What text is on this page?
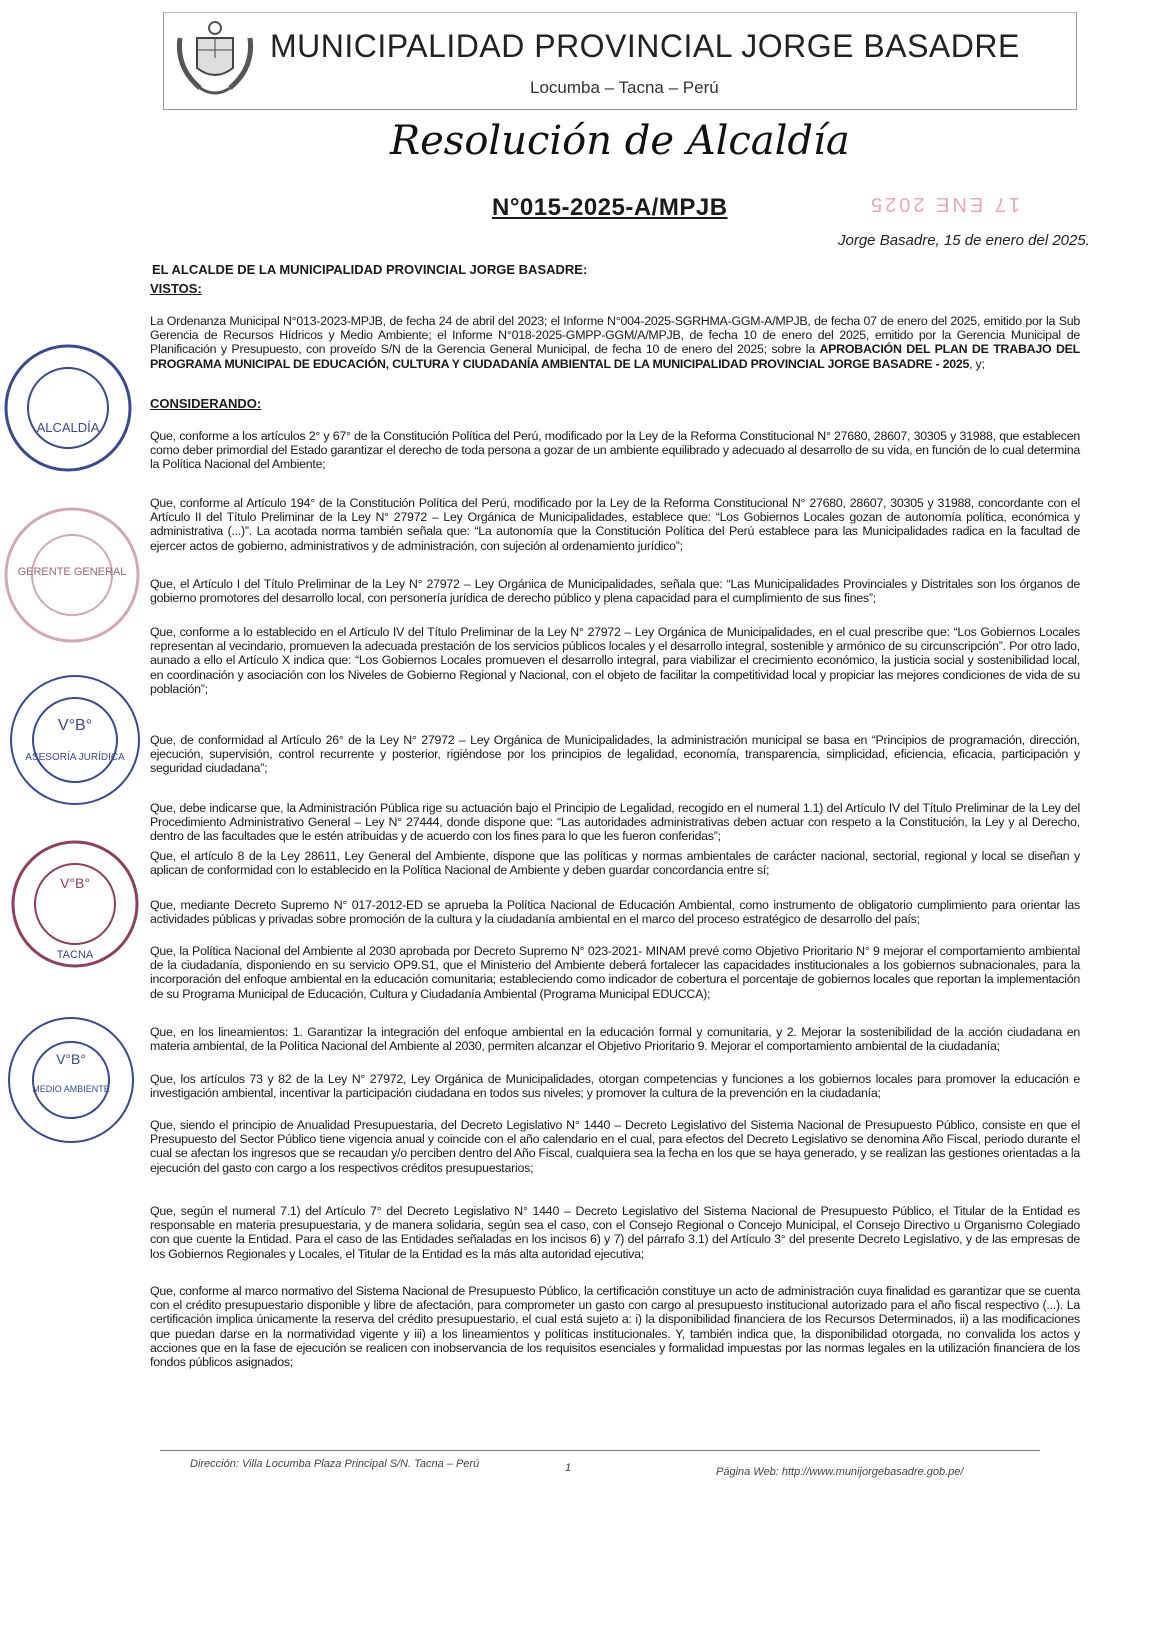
MUNICIPALIDAD PROVINCIAL JORGE BASADRE
Locumba – Tacna – Perú
Resolución de Alcaldía
N°015-2025-A/MPJB	17 ENE 2025
Jorge Basadre, 15 de enero del 2025.
EL ALCALDE DE LA MUNICIPALIDAD PROVINCIAL JORGE BASADRE:
VISTOS:
La Ordenanza Municipal N°013-2023-MPJB, de fecha 24 de abril del 2023; el Informe N°004-2025-SGRHMA-GGM-A/MPJB, de fecha 07 de enero del 2025, emitido por la Sub Gerencia de Recursos Hídricos y Medio Ambiente; el Informe N°018-2025-GMPP-GGM/A/MPJB, de fecha 10 de enero del 2025, emitido por la Gerencia Municipal de Planificación y Presupuesto, con proveído S/N de la Gerencia General Municipal, de fecha 10 de enero del 2025; sobre la APROBACIÓN DEL PLAN DE TRABAJO DEL PROGRAMA MUNICIPAL DE EDUCACIÓN, CULTURA Y CIUDADANÍA AMBIENTAL DE LA MUNICIPALIDAD PROVINCIAL JORGE BASADRE - 2025, y;
CONSIDERANDO:
Que, conforme a los artículos 2° y 67° de la Constitución Política del Perú, modificado por la Ley de la Reforma Constitucional N° 27680, 28607, 30305 y 31988, que establecen como deber primordial del Estado garantizar el derecho de toda persona a gozar de un ambiente equilibrado y adecuado al desarrollo de su vida, en función de lo cual determina la Política Nacional del Ambiente;
Que, conforme al Artículo 194° de la Constitución Política del Perú, modificado por la Ley de la Reforma Constitucional N° 27680, 28607, 30305 y 31988, concordante con el Artículo II del Título Preliminar de la Ley N° 27972 – Ley Orgánica de Municipalidades, establece que: “Los Gobiernos Locales gozan de autonomía política, económica y administrativa (...)”. La acotada norma también señala que: “La autonomía que la Constitución Política del Perú establece para las Municipalidades radica en la facultad de ejercer actos de gobierno, administrativos y de administración, con sujeción al ordenamiento jurídico”;
Que, el Artículo I del Título Preliminar de la Ley N° 27972 – Ley Orgánica de Municipalidades, señala que: “Las Municipalidades Provinciales y Distritales son los órganos de gobierno promotores del desarrollo local, con personería jurídica de derecho público y plena capacidad para el cumplimiento de sus fines”;
Que, conforme a lo establecido en el Artículo IV del Título Preliminar de la Ley N° 27972 – Ley Orgánica de Municipalidades, en el cual prescribe que: “Los Gobiernos Locales representan al vecindario, promueven la adecuada prestación de los servicios públicos locales y el desarrollo integral, sostenible y armónico de su circunscripción”. Por otro lado, aunado a ello el Artículo X indica que: “Los Gobiernos Locales promueven el desarrollo integral, para viabilizar el crecimiento económico, la justicia social y sostenibilidad local, en coordinación y asociación con los Niveles de Gobierno Regional y Nacional, con el objeto de facilitar la competitividad local y propiciar las mejores condiciones de vida de su población”;
Que, de conformidad al Artículo 26° de la Ley N° 27972 – Ley Orgánica de Municipalidades, la administración municipal se basa en “Principios de programación, dirección, ejecución, supervisión, control recurrente y posterior, rigiéndose por los principios de legalidad, economía, transparencia, simplicidad, eficiencia, eficacia, participación y seguridad ciudadana”;
Que, debe indicarse que, la Administración Pública rige su actuación bajo el Principio de Legalidad, recogido en el numeral 1.1) del Artículo IV del Título Preliminar de la Ley del Procedimiento Administrativo General – Ley N° 27444, donde dispone que: “Las autoridades administrativas deben actuar con respeto a la Constitución, la Ley y al Derecho, dentro de las facultades que le estén atribuidas y de acuerdo con los fines para lo que les fueron conferidas”;
Que, el artículo 8 de la Ley 28611, Ley General del Ambiente, dispone que las políticas y normas ambientales de carácter nacional, sectorial, regional y local se diseñan y aplican de conformidad con lo establecido en la Política Nacional de Ambiente y deben guardar concordancia entre sí;
Que, mediante Decreto Supremo N° 017-2012-ED se aprueba la Política Nacional de Educación Ambiental, como instrumento de obligatorio cumplimiento para orientar las actividades públicas y privadas sobre promoción de la cultura y la ciudadanía ambiental en el marco del proceso estratégico de desarrollo del país;
Que, la Política Nacional del Ambiente al 2030 aprobada por Decreto Supremo N° 023-2021- MINAM prevé como Objetivo Prioritario N° 9 mejorar el comportamiento ambiental de la ciudadanía, disponiendo en su servicio OP9.S1, que el Ministerio del Ambiente deberá fortalecer las capacidades institucionales a los gobiernos subnacionales, para la incorporación del enfoque ambiental en la educación comunitaria; estableciendo como indicador de cobertura el porcentaje de gobiernos locales que reportan la implementación de su Programa Municipal de Educación, Cultura y Ciudadanía Ambiental (Programa Municipal EDUCCA);
Que, en los lineamientos: 1. Garantizar la integración del enfoque ambiental en la educación formal y comunitaria, y 2. Mejorar la sostenibilidad de la acción ciudadana en materia ambiental, de la Política Nacional del Ambiente al 2030, permiten alcanzar el Objetivo Prioritario 9. Mejorar el comportamiento ambiental de la ciudadanía;
Que, los artículos 73 y 82 de la Ley N° 27972, Ley Orgánica de Municipalidades, otorgan competencias y funciones a los gobiernos locales para promover la educación e investigación ambiental, incentivar la participación ciudadana en todos sus niveles; y promover la cultura de la prevención en la ciudadanía;
Que, siendo el principio de Anualidad Presupuestaria, del Decreto Legislativo N° 1440 – Decreto Legislativo del Sistema Nacional de Presupuesto Público, consiste en que el Presupuesto del Sector Público tiene vigencia anual y coincide con el año calendario en el cual, para efectos del Decreto Legislativo se denomina Año Fiscal, periodo durante el cual se afectan los ingresos que se recaudan y/o perciben dentro del Año Fiscal, cualquiera sea la fecha en los que se haya generado, y se realizan las gestiones orientadas a la ejecución del gasto con cargo a los respectivos créditos presupuestarios;
Que, según el numeral 7.1) del Artículo 7° del Decreto Legislativo N° 1440 – Decreto Legislativo del Sistema Nacional de Presupuesto Público, el Titular de la Entidad es responsable en materia presupuestaria, y de manera solidaria, según sea el caso, con el Consejo Regional o Concejo Municipal, el Consejo Directivo u Organismo Colegiado con que cuente la Entidad. Para el caso de las Entidades señaladas en los incisos 6) y 7) del párrafo 3.1) del Artículo 3° del presente Decreto Legislativo, y de las empresas de los Gobiernos Regionales y Locales, el Titular de la Entidad es la más alta autoridad ejecutiva;
Que, conforme al marco normativo del Sistema Nacional de Presupuesto Público, la certificación constituye un acto de administración cuya finalidad es garantizar que se cuenta con el crédito presupuestario disponible y libre de afectación, para comprometer un gasto con cargo al presupuesto institucional autorizado para el año fiscal respectivo (...). La certificación implica únicamente la reserva del crédito presupuestario, el cual está sujeto a: i) la disponibilidad financiera de los Recursos Determinados, ii) a las modificaciones que puedan darse en la normatividad vigente y iii) a los lineamientos y políticas institucionales. Y, también indica que, la disponibilidad otorgada, no convalida los actos y acciones que en la fase de ejecución se realicen con inobservancia de los requisitos esenciales y formalidad impuestas por las normas legales en la utilización financiera de los fondos públicos asignados;
ALCALDÍA
GERENTE GENERAL
V°B°
ASESORÍA JURÍDICA
V°B°
TACNA
V°B°
MEDIO AMBIENTE
Dirección: Villa Locumba Plaza Principal S/N. Tacna – Perú	1	Página Web: http://www.munijorgebasadre.gob.pe/
